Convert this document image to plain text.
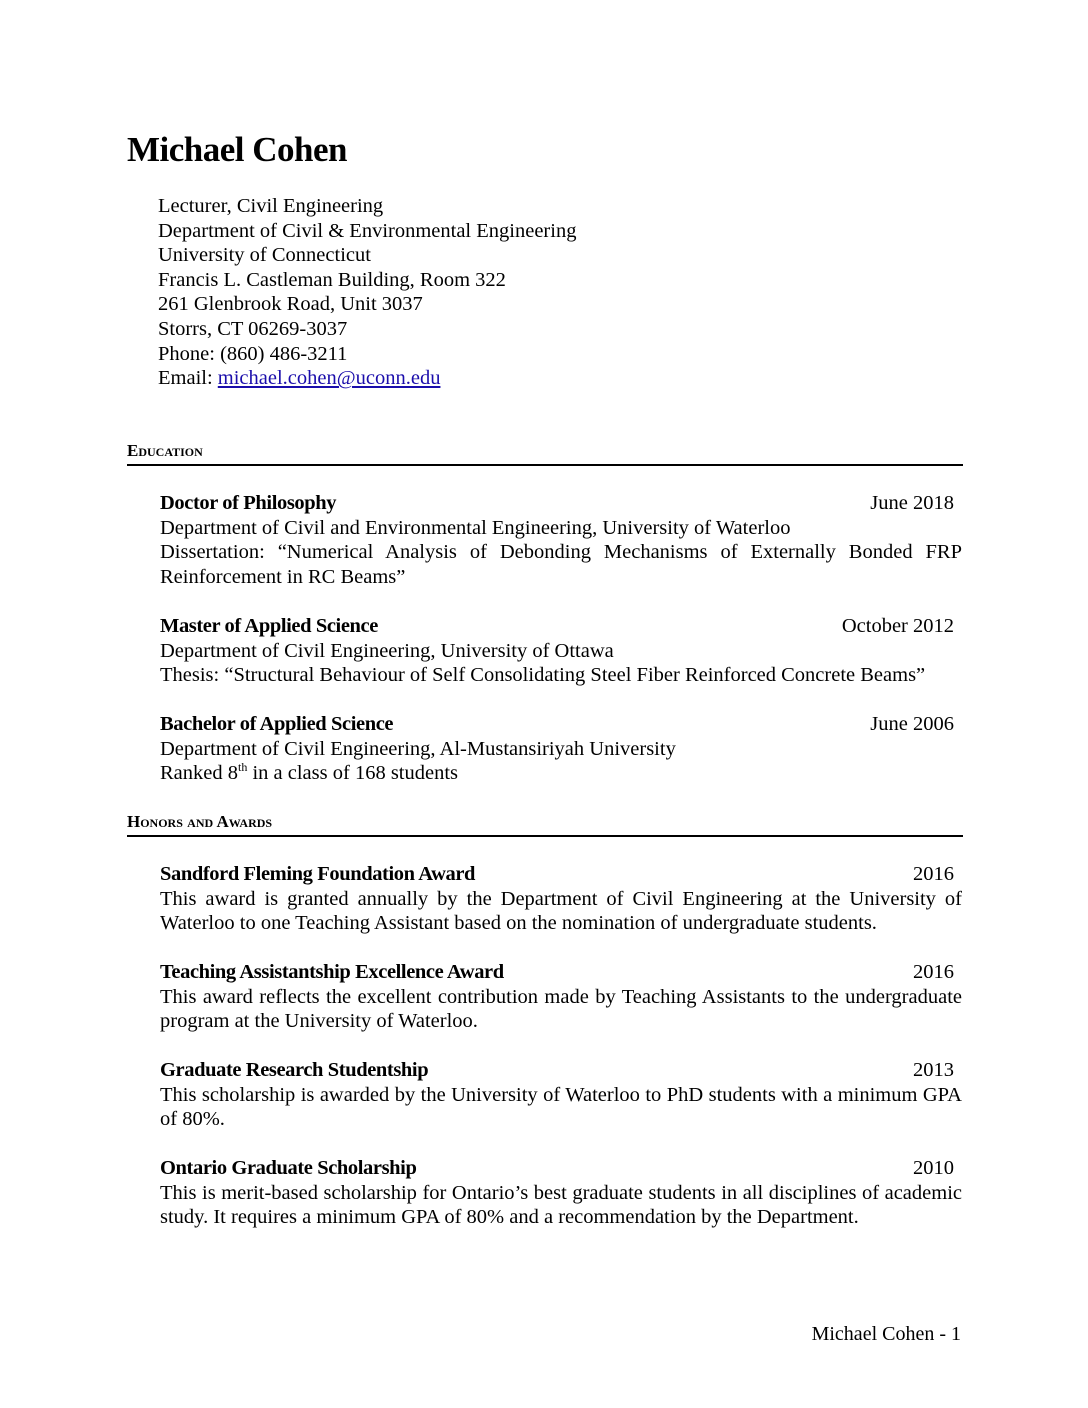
Michael Cohen
Lecturer, Civil Engineering
Department of Civil & Environmental Engineering
University of Connecticut
Francis L. Castleman Building, Room 322
261 Glenbrook Road, Unit 3037
Storrs, CT 06269-3037
Phone: (860) 486-3211
Email: michael.cohen@uconn.edu
Education
Doctor of Philosophy	June 2018
Department of Civil and Environmental Engineering, University of Waterloo
Dissertation: “Numerical Analysis of Debonding Mechanisms of Externally Bonded FRP Reinforcement in RC Beams”
Master of Applied Science	October 2012
Department of Civil Engineering, University of Ottawa
Thesis: “Structural Behaviour of Self Consolidating Steel Fiber Reinforced Concrete Beams”
Bachelor of Applied Science	June 2006
Department of Civil Engineering, Al-Mustansiriyah University
Ranked 8th in a class of 168 students
Honors and Awards
Sandford Fleming Foundation Award	2016
This award is granted annually by the Department of Civil Engineering at the University of Waterloo to one Teaching Assistant based on the nomination of undergraduate students.
Teaching Assistantship Excellence Award	2016
This award reflects the excellent contribution made by Teaching Assistants to the undergraduate program at the University of Waterloo.
Graduate Research Studentship	2013
This scholarship is awarded by the University of Waterloo to PhD students with a minimum GPA of 80%.
Ontario Graduate Scholarship	2010
This is merit-based scholarship for Ontario’s best graduate students in all disciplines of academic study. It requires a minimum GPA of 80% and a recommendation by the Department.
Michael Cohen - 1
